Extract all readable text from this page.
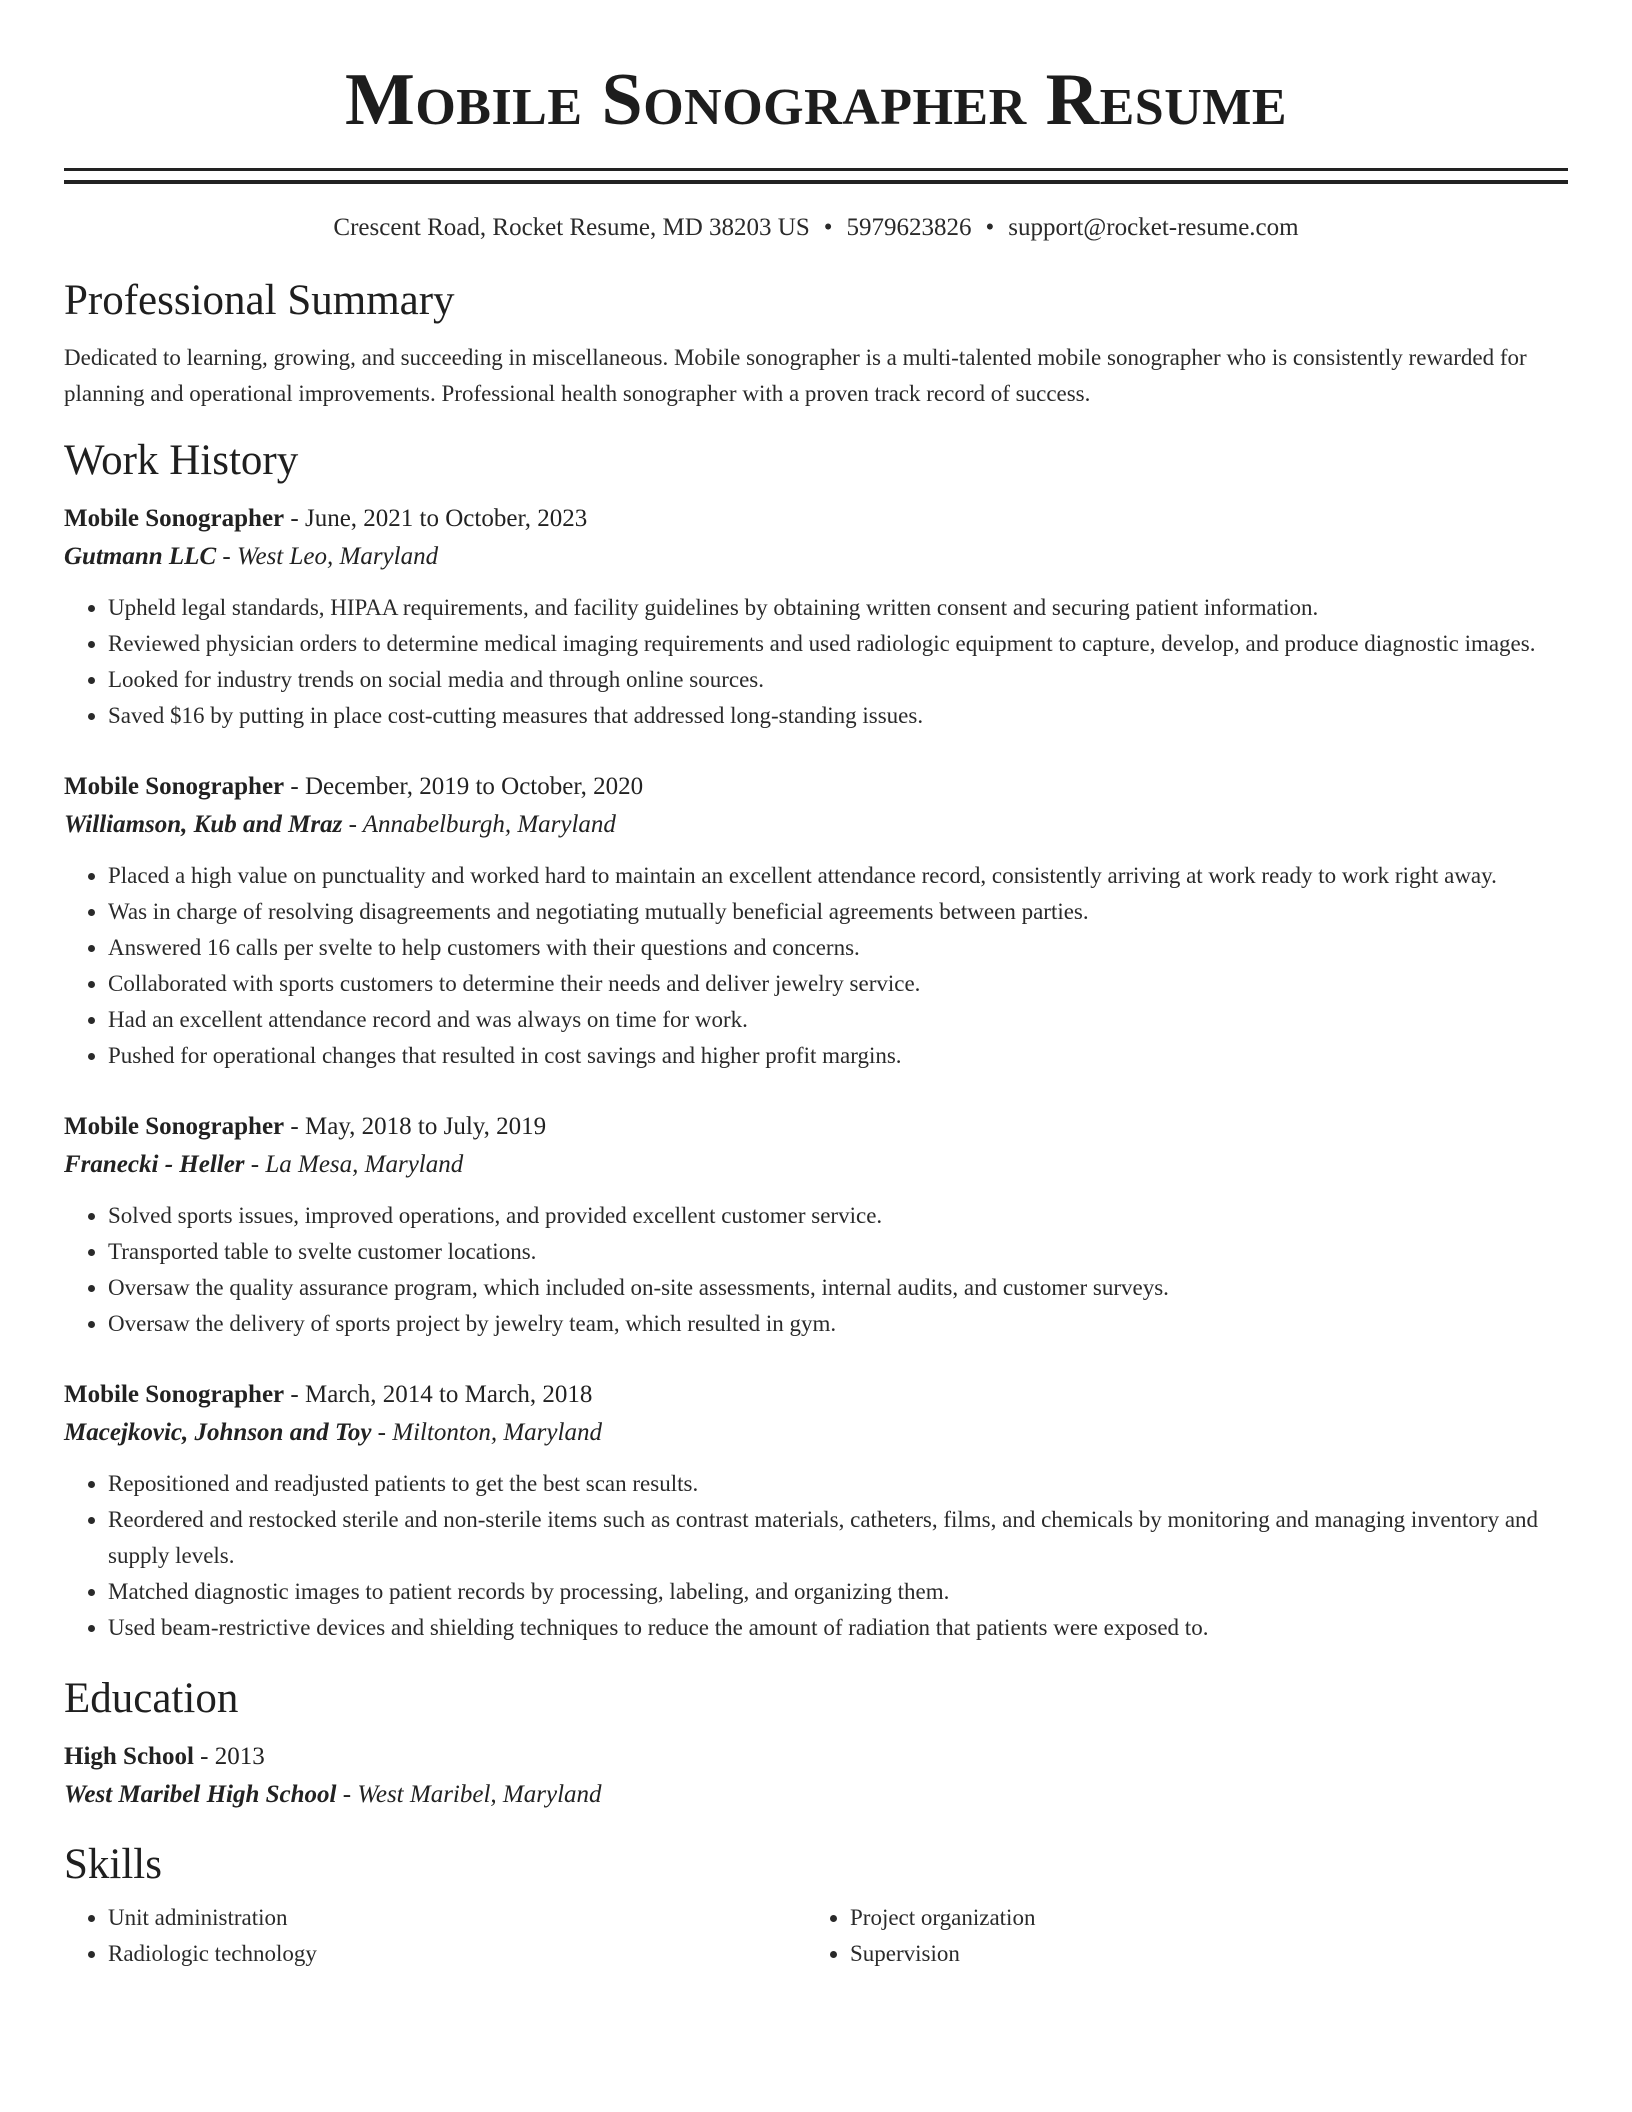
Mobile Sonographer Resume
Crescent Road, Rocket Resume, MD 38203 US • 5979623826 • support@rocket-resume.com
Professional Summary
Dedicated to learning, growing, and succeeding in miscellaneous. Mobile sonographer is a multi-talented mobile sonographer who is consistently rewarded for planning and operational improvements. Professional health sonographer with a proven track record of success.
Work History
Mobile Sonographer - June, 2021 to October, 2023
Gutmann LLC - West Leo, Maryland
• Upheld legal standards, HIPAA requirements, and facility guidelines by obtaining written consent and securing patient information.
• Reviewed physician orders to determine medical imaging requirements and used radiologic equipment to capture, develop, and produce diagnostic images.
• Looked for industry trends on social media and through online sources.
• Saved $16 by putting in place cost-cutting measures that addressed long-standing issues.
Mobile Sonographer - December, 2019 to October, 2020
Williamson, Kub and Mraz - Annabelburgh, Maryland
• Placed a high value on punctuality and worked hard to maintain an excellent attendance record, consistently arriving at work ready to work right away.
• Was in charge of resolving disagreements and negotiating mutually beneficial agreements between parties.
• Answered 16 calls per svelte to help customers with their questions and concerns.
• Collaborated with sports customers to determine their needs and deliver jewelry service.
• Had an excellent attendance record and was always on time for work.
• Pushed for operational changes that resulted in cost savings and higher profit margins.
Mobile Sonographer - May, 2018 to July, 2019
Franecki - Heller - La Mesa, Maryland
• Solved sports issues, improved operations, and provided excellent customer service.
• Transported table to svelte customer locations.
• Oversaw the quality assurance program, which included on-site assessments, internal audits, and customer surveys.
• Oversaw the delivery of sports project by jewelry team, which resulted in gym.
Mobile Sonographer - March, 2014 to March, 2018
Macejkovic, Johnson and Toy - Miltonton, Maryland
• Repositioned and readjusted patients to get the best scan results.
• Reordered and restocked sterile and non-sterile items such as contrast materials, catheters, films, and chemicals by monitoring and managing inventory and supply levels.
• Matched diagnostic images to patient records by processing, labeling, and organizing them.
• Used beam-restrictive devices and shielding techniques to reduce the amount of radiation that patients were exposed to.
Education
High School - 2013
West Maribel High School - West Maribel, Maryland
Skills
• Unit administration
• Radiologic technology
• Project organization
• Supervision
